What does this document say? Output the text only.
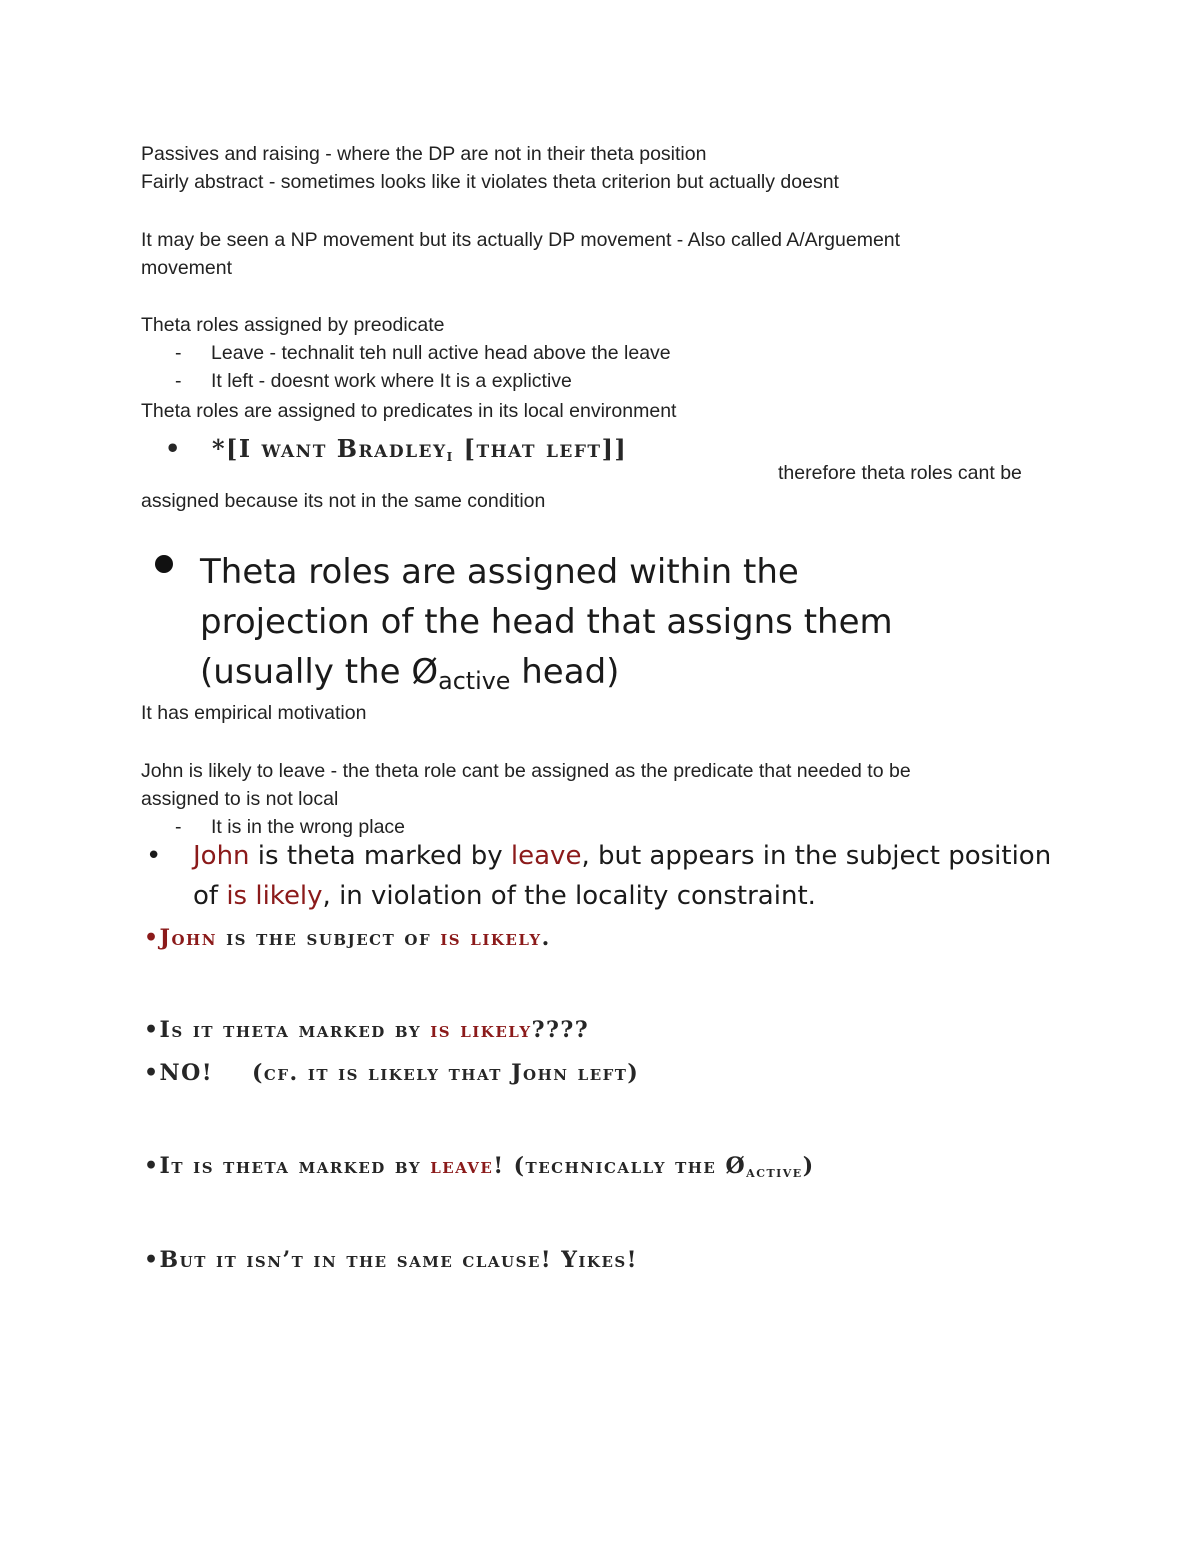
Passives and raising - where the DP are not in their theta position
Fairly abstract - sometimes looks like it violates theta criterion but actually doesnt
It may be seen a NP movement but its actually DP movement - Also called A/Arguement
movement
Theta roles assigned by preodicate
- Leave - technalit teh null active head above the leave
- It left - doesnt work where It is a explictive
Theta roles are assigned to predicates in its local environment
• *[I want Bradley$_i$ [that left]]
therefore theta roles cant be
assigned because its not in the same condition
Theta roles are assigned within the
projection of the head that assigns them
(usually the $Ø_{active}$ head)
It has empirical motivation
John is likely to leave - the theta role cant be assigned as the predicate that needed to be
assigned to is not local
- It is in the wrong place
• John is theta marked by leave, but appears in the subject position
of is likely, in violation of the locality constraint.
•John is the subject of is likely.
•Is it theta marked by is likely????
•NO! (cf. it is likely that John left)
•It is theta marked by leave! (technically the $Ø_{active}$)
•But it isn’t in the same clause! Yikes!
